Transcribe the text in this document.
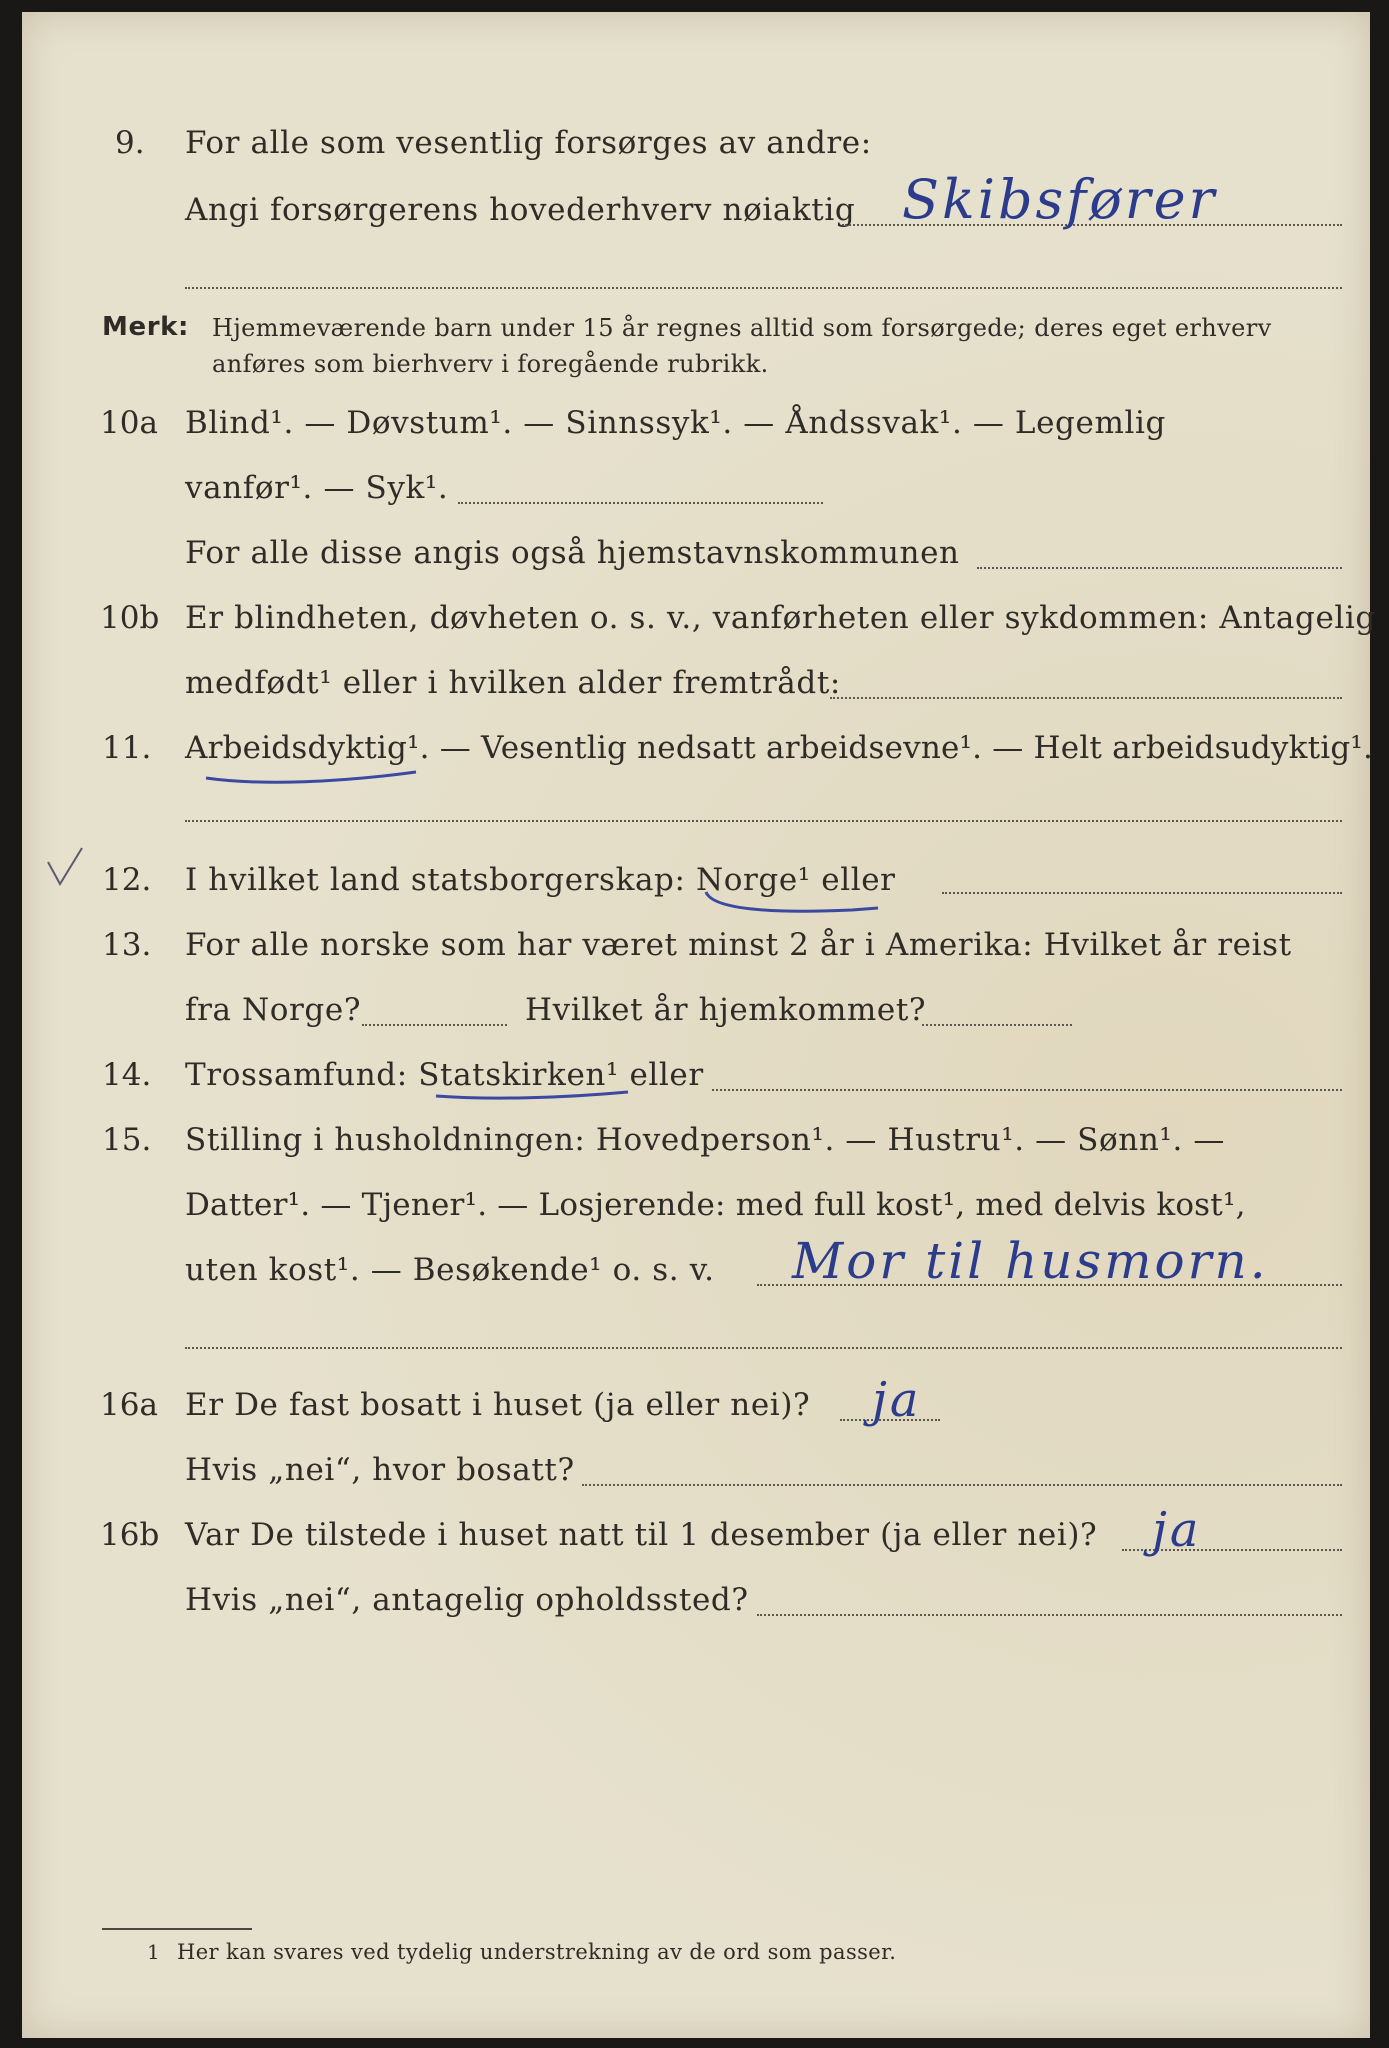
9. For alle som vesentlig forsørges av andre:
Angi forsørgerens hovederhverv nøiaktig Skibsfører
Merk: Hjemmeværende barn under 15 år regnes alltid som forsørgede; deres eget erhverv
anføres som bierhverv i foregående rubrikk.
10a Blind¹. — Døvstum¹. — Sinnssyk¹. — Åndssvak¹. — Legemlig
vanfør¹. — Syk¹.
For alle disse angis også hjemstavnskommunen
10b Er blindheten, døvheten o. s. v., vanførheten eller sykdommen: Antagelig
medfødt¹ eller i hvilken alder fremtrådt:
11. Arbeidsdyktig¹. — Vesentlig nedsatt arbeidsevne¹. — Helt arbeidsudyktig¹.
12. I hvilket land statsborgerskap: Norge¹ eller
13. For alle norske som har været minst 2 år i Amerika: Hvilket år reist
fra Norge?	Hvilket år hjemkommet?
14. Trossamfund: Statskirken¹ eller
15. Stilling i husholdningen: Hovedperson¹. — Hustru¹. — Sønn¹. —
Datter¹. — Tjener¹. — Losjerende: med full kost¹, med delvis kost¹,
uten kost¹. — Besøkende¹ o. s. v. Mor til husmorn.
16a Er De fast bosatt i huset (ja eller nei)? ja
Hvis „nei“, hvor bosatt?
16b Var De tilstede i huset natt til 1 desember (ja eller nei)? ja
Hvis „nei“, antagelig opholdssted?
1 Her kan svares ved tydelig understrekning av de ord som passer.
